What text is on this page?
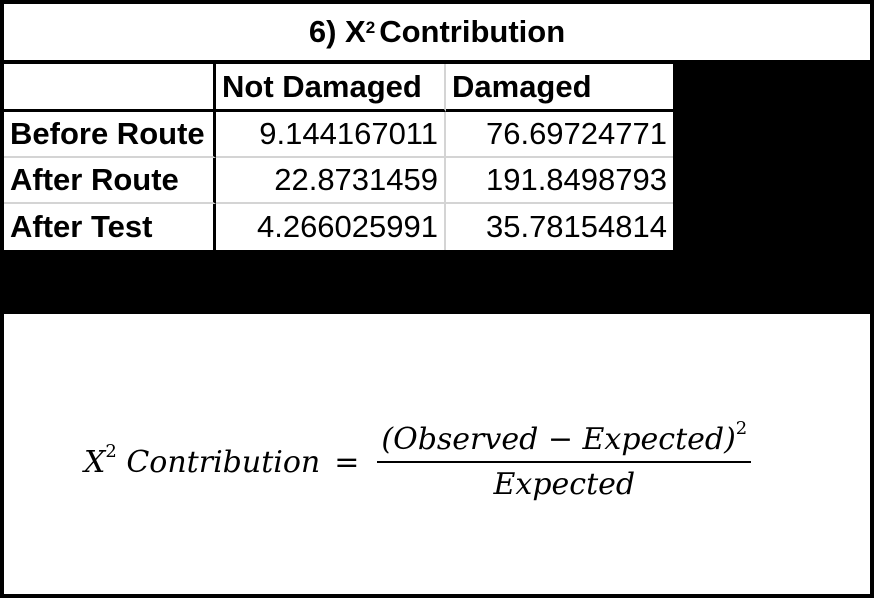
6) $X^2$ Contribution
	Not Damaged	Damaged
Before Route	9.144167011	76.69724771
After Route	22.8731459	191.8498793
After Test	4.266025991	35.78154814
$X^2$ Contribution = $\frac{(Observed - Expected)^2}{\text{Expected}}$
